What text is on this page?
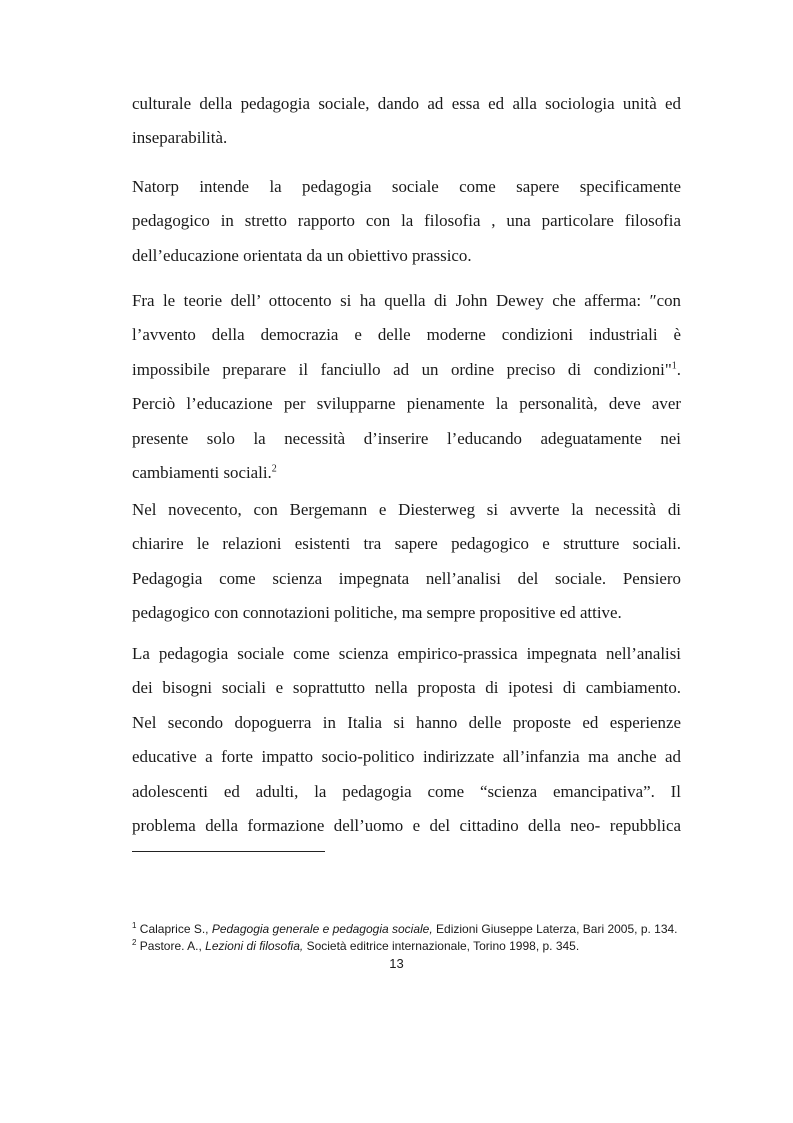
culturale della pedagogia sociale, dando ad essa ed alla sociologia unità ed
inseparabilità.
Natorp intende la pedagogia sociale come sapere specificamente
pedagogico in stretto rapporto con la filosofia , una particolare filosofia
dell’educazione orientata da un obiettivo prassico.
Fra le teorie dell’ ottocento si ha quella di John Dewey che afferma: ″con
l’avvento della democrazia e delle moderne condizioni industriali è
impossibile preparare il fanciullo ad un ordine preciso di condizioni"$^1$.
Perciò l’educazione per svilupparne pienamente la personalità, deve aver
presente solo la necessità d’inserire l’educando adeguatamente nei
cambiamenti sociali.$^2$
Nel novecento, con Bergemann e Diesterweg si avverte la necessità di
chiarire le relazioni esistenti tra sapere pedagogico e strutture sociali.
Pedagogia come scienza impegnata nell’analisi del sociale. Pensiero
pedagogico con connotazioni politiche, ma sempre propositive ed attive.
La pedagogia sociale come scienza empirico-prassica impegnata nell’analisi
dei bisogni sociali e soprattutto nella proposta di ipotesi di cambiamento.
Nel secondo dopoguerra in Italia si hanno delle proposte ed esperienze
educative a forte impatto socio-politico indirizzate all’infanzia ma anche ad
adolescenti ed adulti, la pedagogia come “scienza emancipativa”. Il
problema della formazione dell’uomo e del cittadino della neo- repubblica
$^1$ Calaprice S., Pedagogia generale e pedagogia sociale, Edizioni Giuseppe Laterza, Bari 2005, p. 134.
$^2$ Pastore. A., Lezioni di filosofia, Società editrice internazionale, Torino 1998, p. 345.
13
